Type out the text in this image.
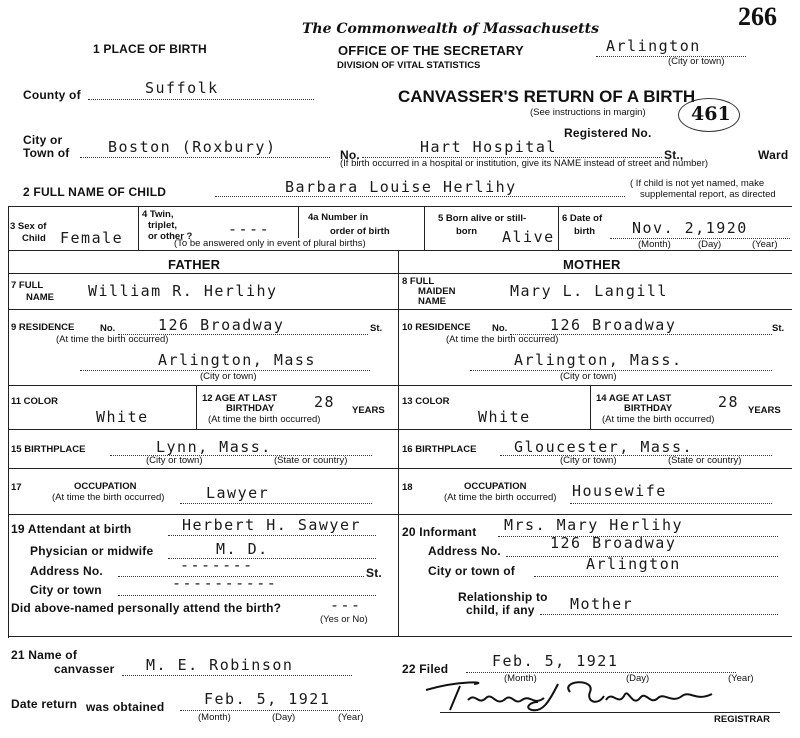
266
The Commonwealth of Massachusetts
OFFICE OF THE SECRETARY
DIVISION OF VITAL STATISTICS
1 PLACE OF BIRTH	Arlington
(City or town)
County of	Suffolk	CANVASSER'S RETURN OF A BIRTH
(See instructions in margin) 461
Registered No.
City or
Town of	Boston (Roxbury)	No.	Hart Hospital	St.,	Ward
(If birth occurred in a hospital or institution, give its NAME instead of street and number)
2 FULL NAME OF CHILD	Barbara Louise Herlihy	( If child is not yet named, make
supplemental report, as directed
3 Sex of
Child Female
4 Twin,
triplet,
or other ? ----
4a Number in
order of birth
(To be answered only in event of plural births)
5 Born alive or still-
born Alive
6 Date of
birth Nov. 2,1920
(Month)	(Day)	(Year)
FATHER	MOTHER
7 FULL
NAME William R. Herlihy
8 FULL
MAIDEN
NAME
Mary L. Langill
9 RESIDENCE	No.	126 Broadway	St.
(At time the birth occurred)
Arlington, Mass
(City or town)
10 RESIDENCE No.	126 Broadway	St.
(At time the birth occurred)
Arlington, Mass.
(City or town)
11 COLOR
White
12 AGE AT LAST
BIRTHDAY
(At time the birth occurred)
28 YEARS
13 COLOR
White
14 AGE AT LAST
BIRTHDAY
(At time the birth occurred)
28 YEARS
15 BIRTHPLACE	Lynn, Mass.
(City or town)	(State or country)
16 BIRTHPLACE	Gloucester, Mass.
(City or town)	(State or country)
17	OCCUPATION
(At time the birth occurred)	Lawyer	18	OCCUPATION
(At time the birth occurred) Housewife
19 Attendant at birth	Herbert H. Sawyer
Physician or midwife	M. D.
Address No.	-------	St.
City or town	----------
Did above-named personally attend the birth?	---
(Yes or No)
20 Informant Mrs. Mary Herlihy
Address No.	126 Broadway
City or town of	Arlington
Relationship to
child, if any Mother
21 Name of
canvasser M. E. Robinson
Date return was obtained	Feb. 5, 1921
(Month)	(Day)	(Year)
22 Filed	Feb. 5, 1921
(Month)	(Day)	(Year)
REGISTRAR
